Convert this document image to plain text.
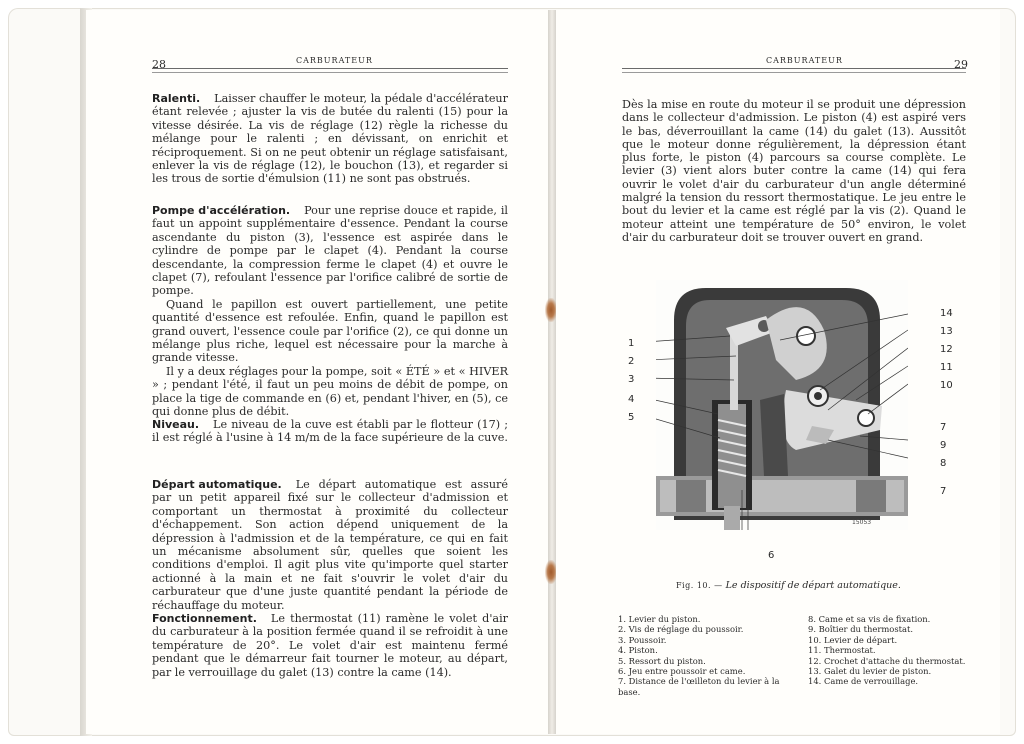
28	CARBURATEUR
Ralenti.	Laisser chauffer le moteur, la pédale d'accélérateur étant relevée ; ajuster la vis de butée du ralenti (15) pour la vitesse désirée. La vis de réglage (12) règle la richesse du mélange pour le ralenti ; en dévissant, on enrichit et réciproquement. Si on ne peut obtenir un réglage satisfaisant, enlever la vis de réglage (12), le bouchon (13), et regarder si les trous de sortie d'émulsion (11) ne sont pas obstrués.

Pompe d'accélération.	Pour une reprise douce et rapide, il faut un appoint supplémentaire d'essence. Pendant la course ascendante du piston (3), l'essence est aspirée dans le cylindre de pompe par le clapet (4). Pendant la course descendante, la compression ferme le clapet (4) et ouvre le clapet (7), refoulant l'essence par l'orifice calibré de sortie de pompe.

Quand le papillon est ouvert partiellement, une petite quantité d'essence est refoulée. Enfin, quand le papillon est grand ouvert, l'essence coule par l'orifice (2), ce qui donne un mélange plus riche, lequel est nécessaire pour la marche à grande vitesse.

Il y a deux réglages pour la pompe, soit « ÉTÉ » et « HIVER » ; pendant l'été, il faut un peu moins de débit de pompe, on place la tige de commande en (6) et, pendant l'hiver, en (5), ce qui donne plus de débit.

Niveau.	Le niveau de la cuve est établi par le flotteur (17) ; il est réglé à l'usine à 14 m/m de la face supérieure de la cuve.

Départ automatique.	Le départ automatique est assuré par un petit appareil fixé sur le collecteur d'admission et comportant un thermostat à proximité du collecteur d'échappement. Son action dépend uniquement de la dépression à l'admission et de la température, ce qui en fait un mécanisme absolument sûr, quelles que soient les conditions d'emploi. Il agit plus vite qu'importe quel starter actionné à la main et ne fait s'ouvrir le volet d'air du carburateur que d'une juste quantité pendant la période de réchauffage du moteur.

Fonctionnement.	Le thermostat (11) ramène le volet d'air du carburateur à la position fermée quand il se refroidit à une température de 20°. Le volet d'air est maintenu fermé pendant que le démarreur fait tourner le moteur, au départ, par le verrouillage du galet (13) contre la came (14).

CARBURATEUR	29
Dès la mise en route du moteur il se produit une dépression dans le collecteur d'admission. Le piston (4) est aspiré vers le bas, déverrouillant la came (14) du galet (13). Aussitôt que le moteur donne régulièrement, la dépression étant plus forte, le piston (4) parcours sa course complète. Le levier (3) vient alors buter contre la came (14) qui fera ouvrir le volet d'air du carburateur d'un angle déterminé malgré la tension du ressort thermostatique. Le jeu entre le bout du levier et la came est réglé par la vis (2). Quand le moteur atteint une température de 50° environ, le volet d'air du carburateur doit se trouver ouvert en grand.
15053
1
2
3
4
5
14
13
12
11
10
7
9
8
7
6
Fig. 10. — Le dispositif de départ automatique.
1. Levier du piston.
2. Vis de réglage du poussoir.
3. Poussoir.
4. Piston.
5. Ressort du piston.
6. Jeu entre poussoir et came.
7. Distance de l'œilleton du levier à la base.
8. Came et sa vis de fixation.
9. Boîtier du thermostat.
10. Levier de départ.
11. Thermostat.
12. Crochet d'attache du thermostat.
13. Galet du levier de piston.
14. Came de verrouillage.
